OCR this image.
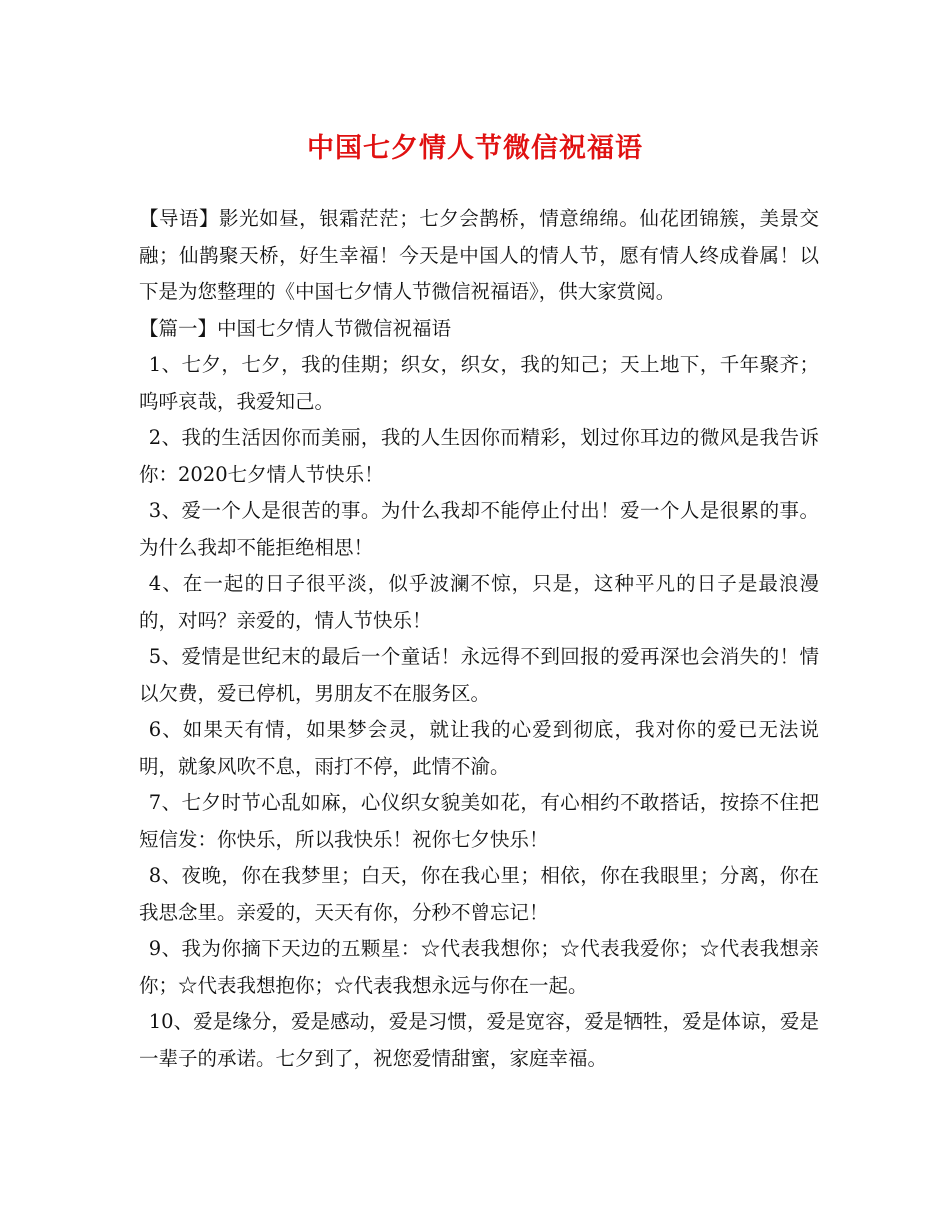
中国七夕情人节微信祝福语

【导语】影光如昼，银霜茫茫；七夕会鹊桥，情意绵绵。仙花团锦簇，美景交融；仙鹊聚天桥，好生幸福！今天是中国人的情人节，愿有情人终成眷属！以下是为您整理的《中国七夕情人节微信祝福语》，供大家赏阅。

【篇一】中国七夕情人节微信祝福语

1、七夕，七夕，我的佳期；织女，织女，我的知己；天上地下，千年聚齐；呜呼哀哉，我爱知己。

2、我的生活因你而美丽，我的人生因你而精彩，划过你耳边的微风是我告诉你：2020七夕情人节快乐！

3、爱一个人是很苦的事。为什么我却不能停止付出！爱一个人是很累的事。为什么我却不能拒绝相思！

4、在一起的日子很平淡，似乎波澜不惊，只是，这种平凡的日子是最浪漫的，对吗？亲爱的，情人节快乐！

5、爱情是世纪末的最后一个童话！永远得不到回报的爱再深也会消失的！情以欠费，爱已停机，男朋友不在服务区。

6、如果天有情，如果梦会灵，就让我的心爱到彻底，我对你的爱已无法说明，就象风吹不息，雨打不停，此情不渝。

7、七夕时节心乱如麻，心仪织女貌美如花，有心相约不敢搭话，按捺不住把短信发：你快乐，所以我快乐！祝你七夕快乐！

8、夜晚，你在我梦里；白天，你在我心里；相依，你在我眼里；分离，你在我思念里。亲爱的，天天有你，分秒不曾忘记！

9、我为你摘下天边的五颗星：☆代表我想你；☆代表我爱你；☆代表我想亲你；☆代表我想抱你；☆代表我想永远与你在一起。

10、爱是缘分，爱是感动，爱是习惯，爱是宽容，爱是牺牲，爱是体谅，爱是一辈子的承诺。七夕到了，祝您爱情甜蜜，家庭幸福。
